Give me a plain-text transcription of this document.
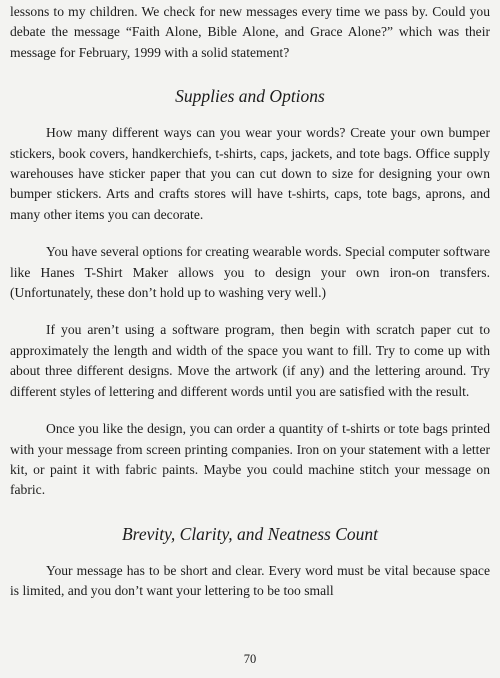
lessons to my children. We check for new messages every time we pass by. Could you debate the message “Faith Alone, Bible Alone, and Grace Alone?” which was their message for February, 1999 with a solid statement?

Supplies and Options

How many different ways can you wear your words? Create your own bumper stickers, book covers, handkerchiefs, t-shirts, caps, jackets, and tote bags. Office supply warehouses have sticker paper that you can cut down to size for designing your own bumper stickers. Arts and crafts stores will have t-shirts, caps, tote bags, aprons, and many other items you can decorate.

You have several options for creating wearable words. Special computer software like Hanes T-Shirt Maker allows you to design your own iron-on transfers. (Unfortunately, these don’t hold up to washing very well.)

If you aren’t using a software program, then begin with scratch paper cut to approximately the length and width of the space you want to fill. Try to come up with about three different designs. Move the artwork (if any) and the lettering around. Try different styles of lettering and different words until you are satisfied with the result.

Once you like the design, you can order a quantity of t-shirts or tote bags printed with your message from screen printing companies. Iron on your statement with a letter kit, or paint it with fabric paints. Maybe you could machine stitch your message on fabric.

Brevity, Clarity, and Neatness Count

Your message has to be short and clear. Every word must be vital because space is limited, and you don’t want your lettering to be too small

70
